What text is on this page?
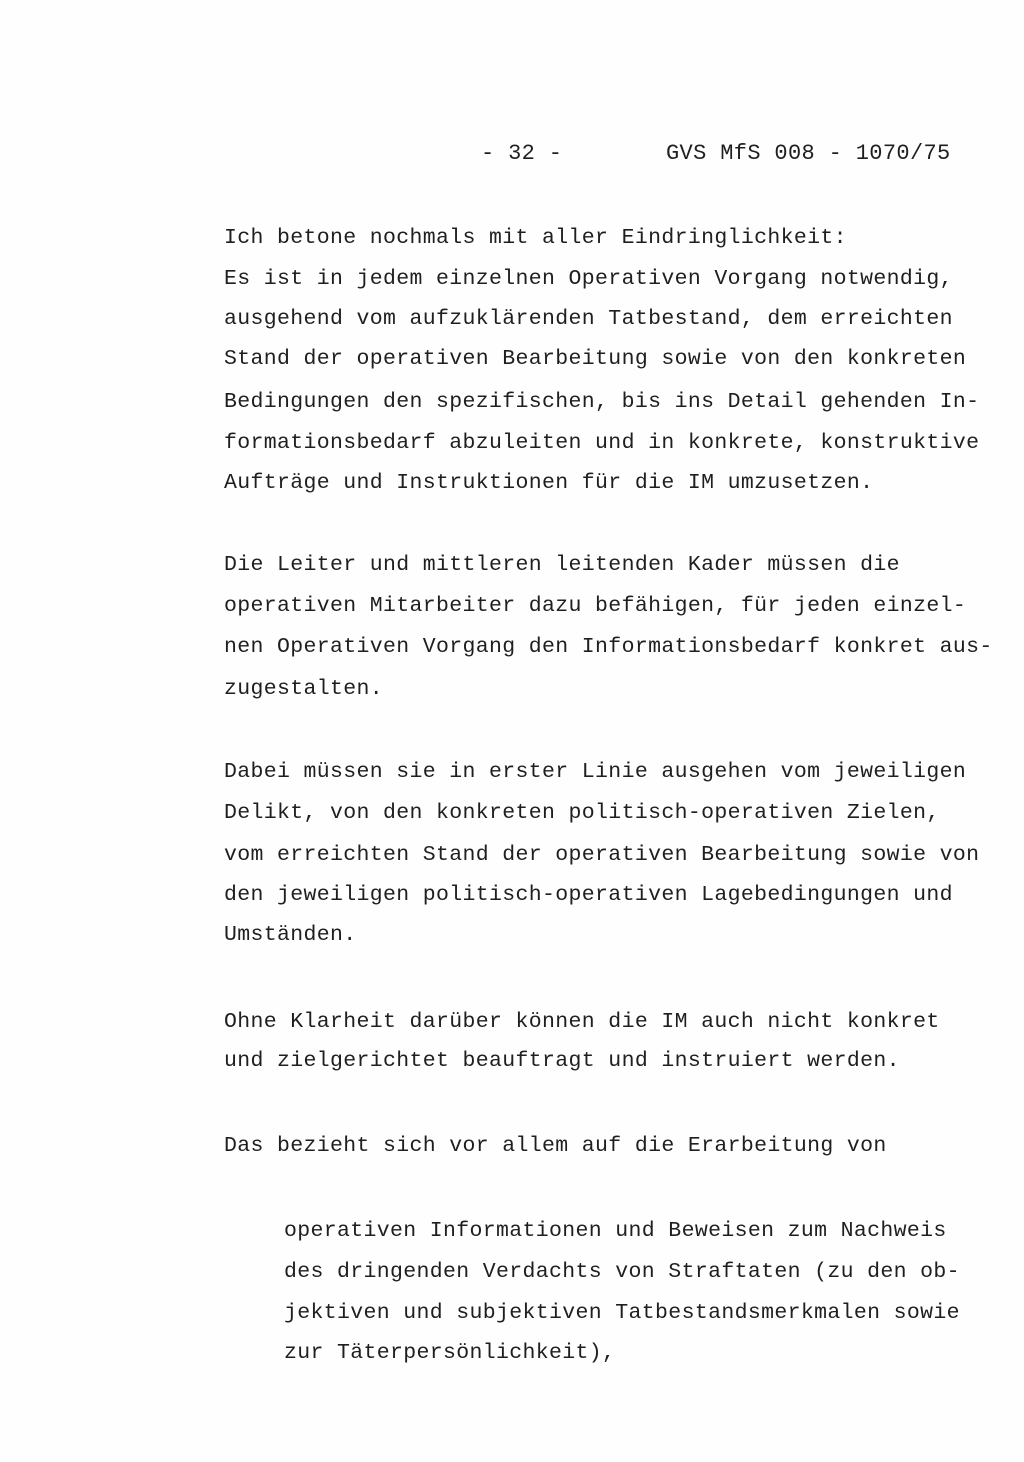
- 32 -	GVS MfS 008 - 1070/75
Ich betone nochmals mit aller Eindringlichkeit:
Es ist in jedem einzelnen Operativen Vorgang notwendig,
ausgehend vom aufzuklärenden Tatbestand, dem erreichten
Stand der operativen Bearbeitung sowie von den konkreten
Bedingungen den spezifischen, bis ins Detail gehenden In-
formationsbedarf abzuleiten und in konkrete, konstruktive
Aufträge und Instruktionen für die IM umzusetzen.
Die Leiter und mittleren leitenden Kader müssen die
operativen Mitarbeiter dazu befähigen, für jeden einzel-
nen Operativen Vorgang den Informationsbedarf konkret aus-
zugestalten.
Dabei müssen sie in erster Linie ausgehen vom jeweiligen
Delikt, von den konkreten politisch-operativen Zielen,
vom erreichten Stand der operativen Bearbeitung sowie von
den jeweiligen politisch-operativen Lagebedingungen und
Umständen.
Ohne Klarheit darüber können die IM auch nicht konkret
und zielgerichtet beauftragt und instruiert werden.
Das bezieht sich vor allem auf die Erarbeitung von
operativen Informationen und Beweisen zum Nachweis
des dringenden Verdachts von Straftaten (zu den ob-
jektiven und subjektiven Tatbestandsmerkmalen sowie
zur Täterpersönlichkeit),
